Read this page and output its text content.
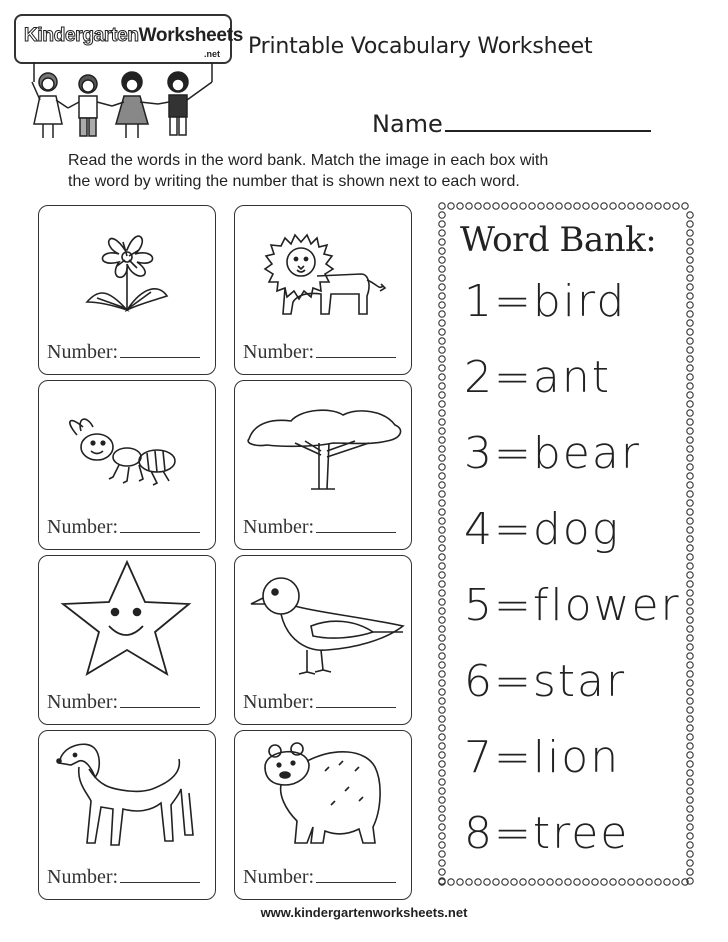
KindergartenWorksheets
.net Printable Vocabulary Worksheet
Name
Read the words in the word bank. Match the image in each box with
the word by writing the number that is shown next to each word.
Number:	Number:
Number:	Number:
Number:	Number:
Number:	Number:
Word Bank:
1=bird
2=ant
3=bear
4=dog
5=flower
6=star
7=lion
8=tree
www.kindergartenworksheets.net
